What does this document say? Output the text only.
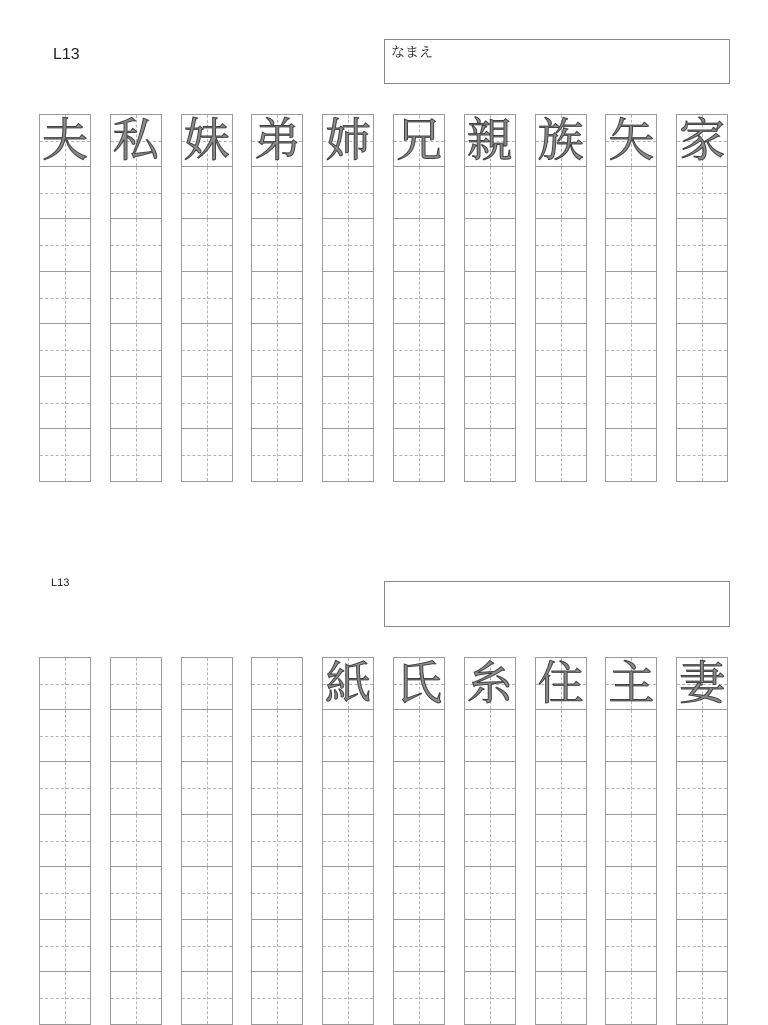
L13	なまえ
夫 私 妹 弟 姉 兄 親 族 矢 家
L13
紙 氏 糸 住 主 妻
